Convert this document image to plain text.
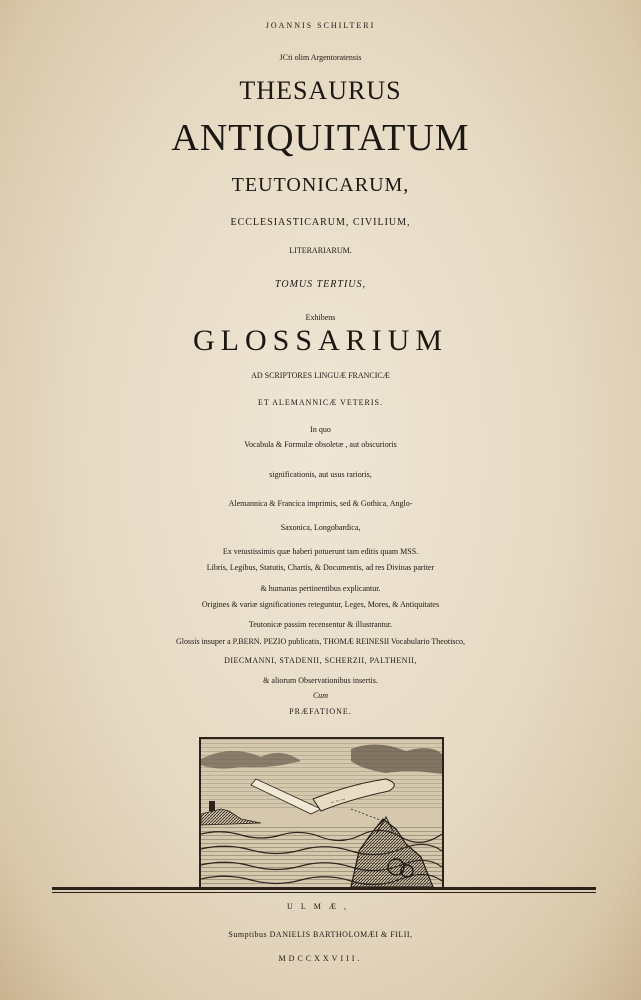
JOANNIS SCHILTERI
JCti olim Argentoratensis
THESAURUS
ANTIQUITATUM
TEUTONICARUM,
ECCLESIASTICARUM, CIVILIUM,
LITERARIARUM.
TOMUS TERTIUS,
Exhibens
GLOSSARIUM
AD SCRIPTORES LINGUÆ FRANCICÆ
ET ALEMANNICÆ VETERIS.
In quo
Vocabula & Formulæ obsoletæ , aut obscurioris
significationis, aut usus rarioris,
Alemannica & Francica imprimis, sed & Gothica, Anglo-
Saxonica, Longobardica,
Ex vetustissimis quæ haberi potuerunt tam editis quam MSS.
Libris, Legibus, Statutis, Chartis, & Documentis, ad res Divinas pariter
& humanas pertinentibus explicantur.
Origines & variæ significationes reteguntur, Leges, Mores, & Antiquitates
Teutonicæ passim recensentur & illustrantur.
Glossis insuper a P.BERN. PEZIO publicatis, THOMÆ REINESII Vocabulario Theotisco,
DIECMANNI, STADENII, SCHERZII, PALTHENII,
& aliorum Observationibus insertis.
Cum
PRÆFATIONE.
~ ~ ~
ULMÆ,
Sumptibus DANIELIS BARTHOLOMÆI & FILII,
MDCCXXVIII.
